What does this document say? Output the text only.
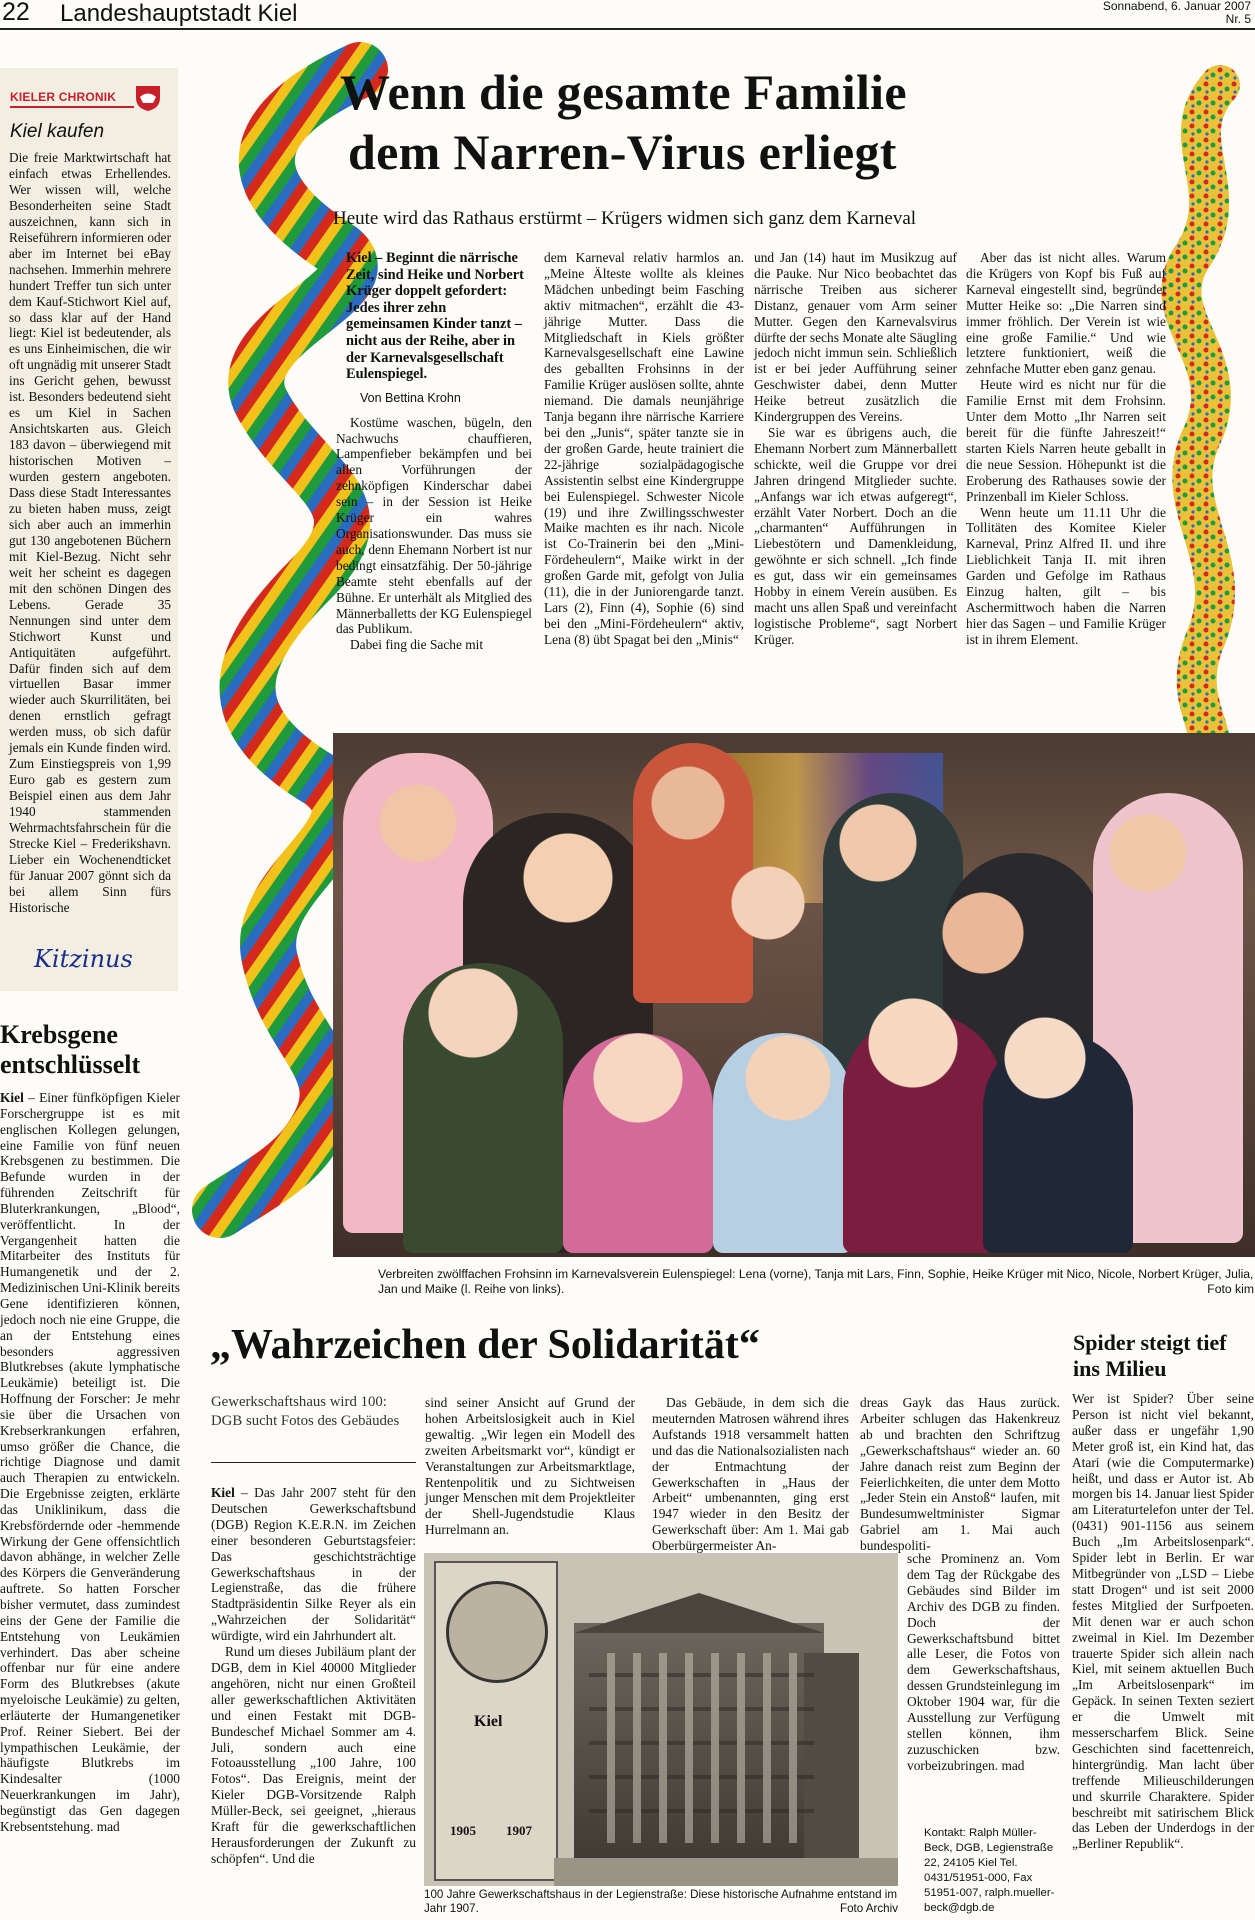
22 Landeshauptstadt Kiel	Sonnabend, 6. Januar 2007
Nr. 5
KIELER CHRONIK
Kiel kaufen
Die freie Marktwirtschaft hat einfach etwas Erhellendes. Wer wissen will, welche Besonderheiten seine Stadt auszeichnen, kann sich in Reiseführern informieren oder aber im Internet bei eBay nachsehen. Immerhin mehrere hundert Treffer tun sich unter dem Kauf-Stichwort Kiel auf, so dass klar auf der Hand liegt: Kiel ist bedeutender, als es uns Einheimischen, die wir oft ungnädig mit unserer Stadt ins Gericht gehen, bewusst ist. Besonders bedeutend sieht es um Kiel in Sachen Ansichtskarten aus. Gleich 183 davon – überwiegend mit historischen Motiven – wurden gestern angeboten. Dass diese Stadt Interessantes zu bieten haben muss, zeigt sich aber auch an immerhin gut 130 angebotenen Büchern mit Kiel-Bezug. Nicht sehr weit her scheint es dagegen mit den schönen Dingen des Lebens. Gerade 35 Nennungen sind unter dem Stichwort Kunst und Antiquitäten aufgeführt. Dafür finden sich auf dem virtuellen Basar immer wieder auch Skurrilitäten, bei denen ernstlich gefragt werden muss, ob sich dafür jemals ein Kunde finden wird. Zum Einstiegspreis von 1,99 Euro gab es gestern zum Beispiel einen aus dem Jahr 1940 stammenden Wehrmachtsfahrschein für die Strecke Kiel – Frederikshavn. Lieber ein Wochenendticket für Januar 2007 gönnt sich da bei allem Sinn fürs Historische
Kitzinus
Krebsgene entschlüsselt
Kiel – Einer fünfköpfigen Kieler Forschergruppe ist es mit englischen Kollegen gelungen, eine Familie von fünf neuen Krebsgenen zu bestimmen. Die Befunde wurden in der führenden Zeitschrift für Bluterkrankungen, „Blood“, veröffentlicht. In der Vergangenheit hatten die Mitarbeiter des Instituts für Humangenetik und der 2. Medizinischen Uni-Klinik bereits Gene identifizieren können, jedoch noch nie eine Gruppe, die an der Entstehung eines besonders aggressiven Blutkrebses (akute lymphatische Leukämie) beteiligt ist. Die Hoffnung der Forscher: Je mehr sie über die Ursachen von Krebserkrankungen erfahren, umso größer die Chance, die richtige Diagnose und damit auch Therapien zu entwickeln. Die Ergebnisse zeigten, erklärte das Uniklinikum, dass die Krebsfördernde oder -hemmende Wirkung der Gene offensichtlich davon abhänge, in welcher Zelle des Körpers die Genveränderung auftrete. So hatten Forscher bisher vermutet, dass zumindest eins der Gene der Familie die Entstehung von Leukämien verhindert. Das aber scheine offenbar nur für eine andere Form des Blutkrebses (akute myeloische Leukämie) zu gelten, erläuterte der Humangenetiker Prof. Reiner Siebert. Bei der lympathischen Leukämie, der häufigste Blutkrebs im Kindesalter (1000 Neuerkrankungen im Jahr), begünstigt das Gen dagegen Krebsentstehung. mad
Wenn die gesamte Familie
dem Narren-Virus erliegt
Heute wird das Rathaus erstürmt – Krügers widmen sich ganz dem Karneval
Kiel – Beginnt die närrische Zeit, sind Heike und Norbert Krüger doppelt gefordert: Jedes ihrer zehn gemeinsamen Kinder tanzt – nicht aus der Reihe, aber in der Karnevalsgesellschaft Eulenspiegel.
Von Bettina Krohn

Kostüme waschen, bügeln, den Nachwuchs chauffieren, Lampenfieber bekämpfen und bei allen Vorführungen der zehnköpfigen Kinderschar dabei sein – in der Session ist Heike Krüger ein wahres Organisationswunder. Das muss sie auch, denn Ehemann Norbert ist nur bedingt einsatzfähig. Der 50-jährige Beamte steht ebenfalls auf der Bühne. Er unterhält als Mitglied des Männerballetts der KG Eulenspiegel das Publikum.

Dabei fing die Sache mit

dem Karneval relativ harmlos an. „Meine Älteste wollte als kleines Mädchen unbedingt beim Fasching aktiv mitmachen“, erzählt die 43-jährige Mutter. Dass die Mitgliedschaft in Kiels größter Karnevalsgesellschaft eine Lawine des geballten Frohsinns in der Familie Krüger auslösen sollte, ahnte niemand. Die damals neunjährige Tanja begann ihre närrische Karriere bei den „Junis“, später tanzte sie in der großen Garde, heute trainiert die 22-jährige sozialpädagogische Assistentin selbst eine Kindergruppe bei Eulenspiegel. Schwester Nicole (19) und ihre Zwillingsschwester Maike machten es ihr nach. Nicole ist Co-Trainerin bei den „Mini-Fördeheulern“, Maike wirkt in der großen Garde mit, gefolgt von Julia (11), die in der Juniorengarde tanzt. Lars (2), Finn (4), Sophie (6) sind bei den „Mini-Fördeheulern“ aktiv, Lena (8) übt Spagat bei den „Minis“

und Jan (14) haut im Musikzug auf die Pauke. Nur Nico beobachtet das närrische Treiben aus sicherer Distanz, genauer vom Arm seiner Mutter. Gegen den Karnevalsvirus dürfte der sechs Monate alte Säugling jedoch nicht immun sein. Schließlich ist er bei jeder Aufführung seiner Geschwister dabei, denn Mutter Heike betreut zusätzlich die Kindergruppen des Vereins.

Sie war es übrigens auch, die Ehemann Norbert zum Männerballett schickte, weil die Gruppe vor drei Jahren dringend Mitglieder suchte. „Anfangs war ich etwas aufgeregt“, erzählt Vater Norbert. Doch an die „charmanten“ Aufführungen in Liebestötern und Damenkleidung, gewöhnte er sich schnell. „Ich finde es gut, dass wir ein gemeinsames Hobby in einem Verein ausüben. Es macht uns allen Spaß und vereinfacht logistische Probleme“, sagt Norbert Krüger.

Aber das ist nicht alles. Warum die Krügers von Kopf bis Fuß auf Karneval eingestellt sind, begründet Mutter Heike so: „Die Narren sind immer fröhlich. Der Verein ist wie eine große Familie.“ Und wie letztere funktioniert, weiß die zehnfache Mutter eben ganz genau.

Heute wird es nicht nur für die Familie Ernst mit dem Frohsinn. Unter dem Motto „Ihr Narren seit bereit für die fünfte Jahreszeit!“ starten Kiels Narren heute geballt in die neue Session. Höhepunkt ist die Eroberung des Rathauses sowie der Prinzenball im Kieler Schloss.

Wenn heute um 11.11 Uhr die Tollitäten des Komitee Kieler Karneval, Prinz Alfred II. und ihre Lieblichkeit Tanja II. mit ihren Garden und Gefolge im Rathaus Einzug halten, gilt – bis Aschermittwoch haben die Narren hier das Sagen – und Familie Krüger ist in ihrem Element.

Verbreiten zwölffachen Frohsinn im Karnevalsverein Eulenspiegel: Lena (vorne), Tanja mit Lars, Finn, Sophie, Heike Krüger mit Nico, Nicole, Norbert Krüger, Julia, Jan und Maike (l. Reihe von links).	Foto kim
„Wahrzeichen der Solidarität“
Gewerkschaftshaus wird 100: DGB sucht Fotos des Gebäudes

Kiel – Das Jahr 2007 steht für den Deutschen Gewerkschaftsbund (DGB) Region K.E.R.N. im Zeichen einer besonderen Geburtstagsfeier: Das geschichtsträchtige Gewerkschaftshaus in der Legienstraße, das die frühere Stadtpräsidentin Silke Reyer als ein „Wahrzeichen der Solidarität“ würdigte, wird ein Jahrhundert alt.

Rund um dieses Jubiläum plant der DGB, dem in Kiel 40000 Mitglieder angehören, nicht nur einen Großteil aller gewerkschaftlichen Aktivitäten und einen Festakt mit DGB-Bundeschef Michael Sommer am 4. Juli, sondern auch eine Fotoausstellung „100 Jahre, 100 Fotos“. Das Ereignis, meint der Kieler DGB-Vorsitzende Ralph Müller-Beck, sei geeignet, „hieraus Kraft für die gewerkschaftlichen Herausforderungen der Zukunft zu schöpfen“. Und die

sind seiner Ansicht auf Grund der hohen Arbeitslosigkeit auch in Kiel gewaltig. „Wir legen ein Modell des zweiten Arbeitsmarkt vor“, kündigt er Veranstaltungen zur Arbeitsmarktlage, Rentenpolitik und zu Sichtweisen junger Menschen mit dem Projektleiter der Shell-Jugendstudie Klaus Hurrelmann an.

Das Gebäude, in dem sich die meuternden Matrosen während ihres Aufstands 1918 versammelt hatten und das die Nationalsozialisten nach der Entmachtung der Gewerkschaften in „Haus der Arbeit“ umbenannten, ging erst 1947 wieder in den Besitz der Gewerkschaft über: Am 1. Mai gab Oberbürgermeister An-

dreas Gayk das Haus zurück. Arbeiter schlugen das Hakenkreuz ab und brachten den Schriftzug „Gewerkschaftshaus“ wieder an. 60 Jahre danach reist zum Beginn der Feierlichkeiten, die unter dem Motto „Jeder Stein ein Anstoß“ laufen, mit Bundesumweltminister Sigmar Gabriel am 1. Mai auch bundespoliti-

sche Prominenz an. Vom dem Tag der Rückgabe des Gebäudes sind Bilder im Archiv des DGB zu finden. Doch der Gewerkschaftsbund bittet alle Leser, die Fotos von dem Gewerkschaftshaus, dessen Grundsteinlegung im Oktober 1904 war, für die Ausstellung zur Verfügung stellen können, ihm zuzuschicken bzw. vorbeizubringen. mad

Kontakt: Ralph Müller-Beck, DGB, Legienstraße 22, 24105 Kiel Tel. 0431/51951-000, Fax 51951-007, ralph.mueller-beck@dgb.de
Kiel
1905 1907
100 Jahre Gewerkschaftshaus in der Legienstraße: Diese historische Aufnahme entstand im Jahr 1907.	Foto Archiv
Spider steigt tief ins Milieu
Wer ist Spider? Über seine Person ist nicht viel bekannt, außer dass er ungefähr 1,90 Meter groß ist, ein Kind hat, das Atari (wie die Computermarke) heißt, und dass er Autor ist. Ab morgen bis 14. Januar liest Spider am Literaturtelefon unter der Tel. (0431) 901-1156 aus seinem Buch „Im Arbeitslosenpark“. Spider lebt in Berlin. Er war Mitbegründer von „LSD – Liebe statt Drogen“ und ist seit 2000 festes Mitglied der Surfpoeten. Mit denen war er auch schon zweimal in Kiel. Im Dezember trauerte Spider sich allein nach Kiel, mit seinem aktuellen Buch „Im Arbeitslosenpark“ im Gepäck. In seinen Texten seziert er die Umwelt mit messerscharfem Blick. Seine Geschichten sind facettenreich, hintergründig. Man lacht über treffende Milieuschilderungen und skurrile Charaktere. Spider beschreibt mit satirischem Blick das Leben der Underdogs in der „Berliner Republik“.
